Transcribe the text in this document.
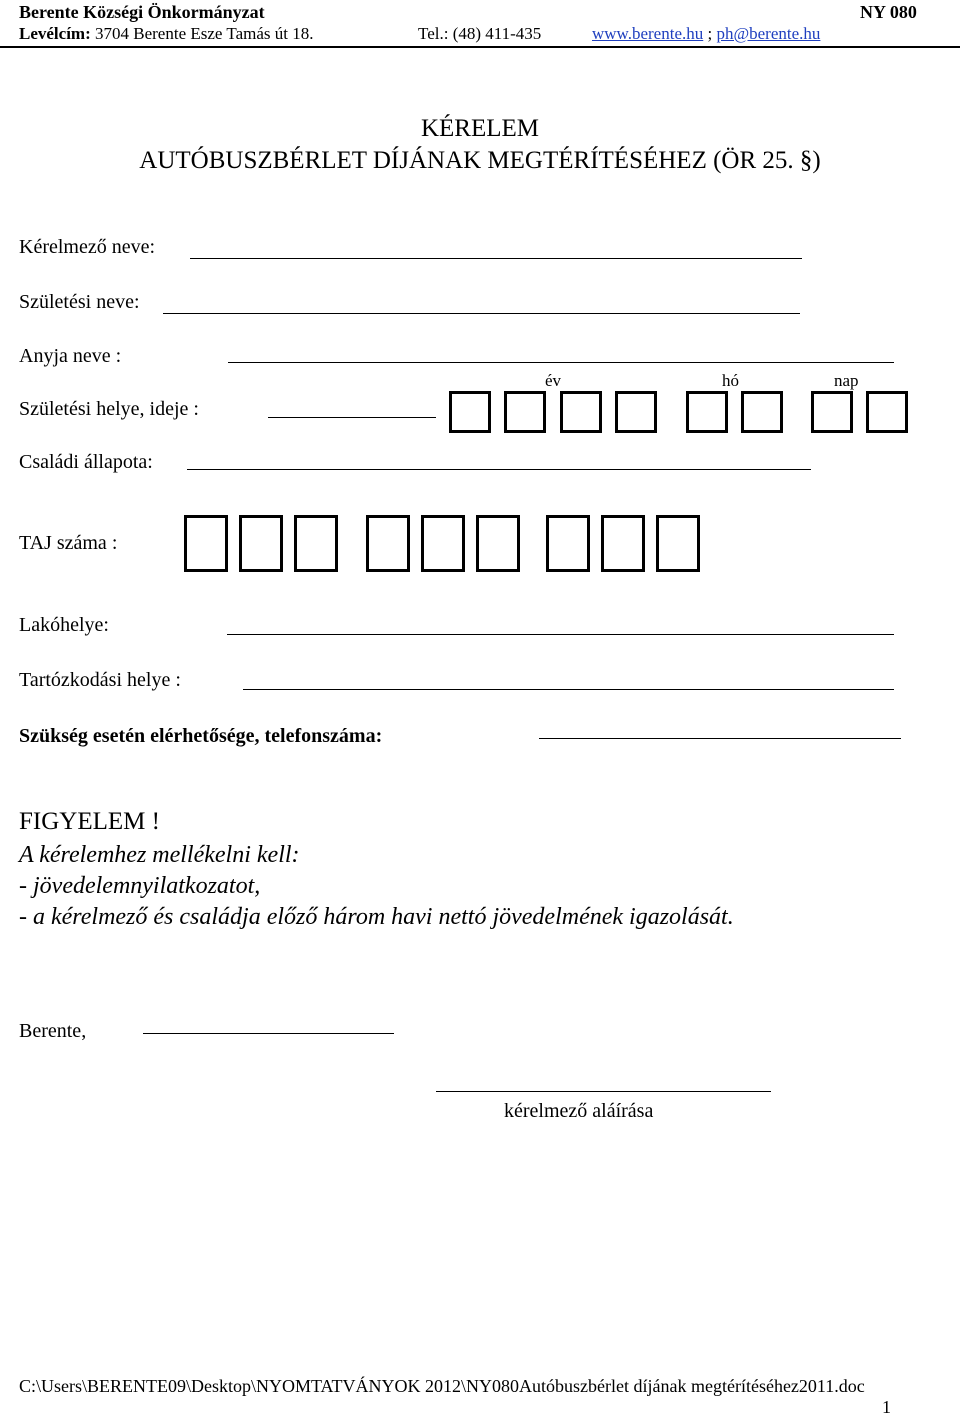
Berente Községi Önkormányzat	NY 080
Levélcím: 3704 Berente Esze Tamás út 18.	Tel.: (48) 411-435	www.berente.hu ; ph@berente.hu
KÉRELEM
AUTÓBUSZBÉRLET DÍJÁNAK MEGTÉRÍTÉSÉHEZ (ÖR 25. §)
Kérelmező neve:
Születési neve:
Anyja neve :
év	hó	nap
Születési helye, ideje :
Családi állapota:
TAJ száma :
Lakóhelye:
Tartózkodási helye :
Szükség esetén elérhetősége, telefonszáma:
FIGYELEM !
A kérelemhez mellékelni kell:
- jövedelemnyilatkozatot,
- a kérelmező és családja előző három havi nettó jövedelmének igazolását.
Berente,
kérelmező aláírása
C:\Users\BERENTE09\Desktop\NYOMTATVÁNYOK 2012\NY080Autóbuszbérlet díjának megtérítéséhez2011.doc
1
